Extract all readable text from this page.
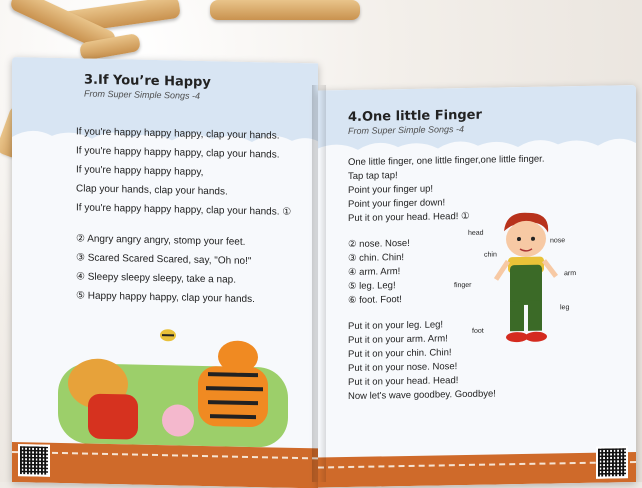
3.If You’re Happy
From Super Simple Songs -4

If you're happy happy happy, clap your hands.

If you're happy happy happy, clap your hands.

If you're happy happy happy,

Clap your hands, clap your hands.

If you're happy happy happy, clap your hands. ①

② Angry angry angry, stomp your feet.

③ Scared Scared Scared, say, "Oh no!"

④ Sleepy sleepy sleepy, take a nap.

⑤ Happy happy happy, clap your hands.

4.One little Finger
From Super Simple Songs -4

One little finger, one little finger,one little finger.

Tap tap tap!

Point your finger up!

Point your finger down!

Put it on your head. Head! ①

② nose. Nose!

③ chin. Chin!

④ arm. Arm!

⑤ leg. Leg!

⑥ foot. Foot!

Put it on your leg. Leg!

Put it on your arm. Arm!

Put it on your chin. Chin!

Put it on your nose. Nose!

Put it on your head. Head!

Now let's wave goodbey. Goodbye!

head
nose
chin
arm
finger
leg
foot
